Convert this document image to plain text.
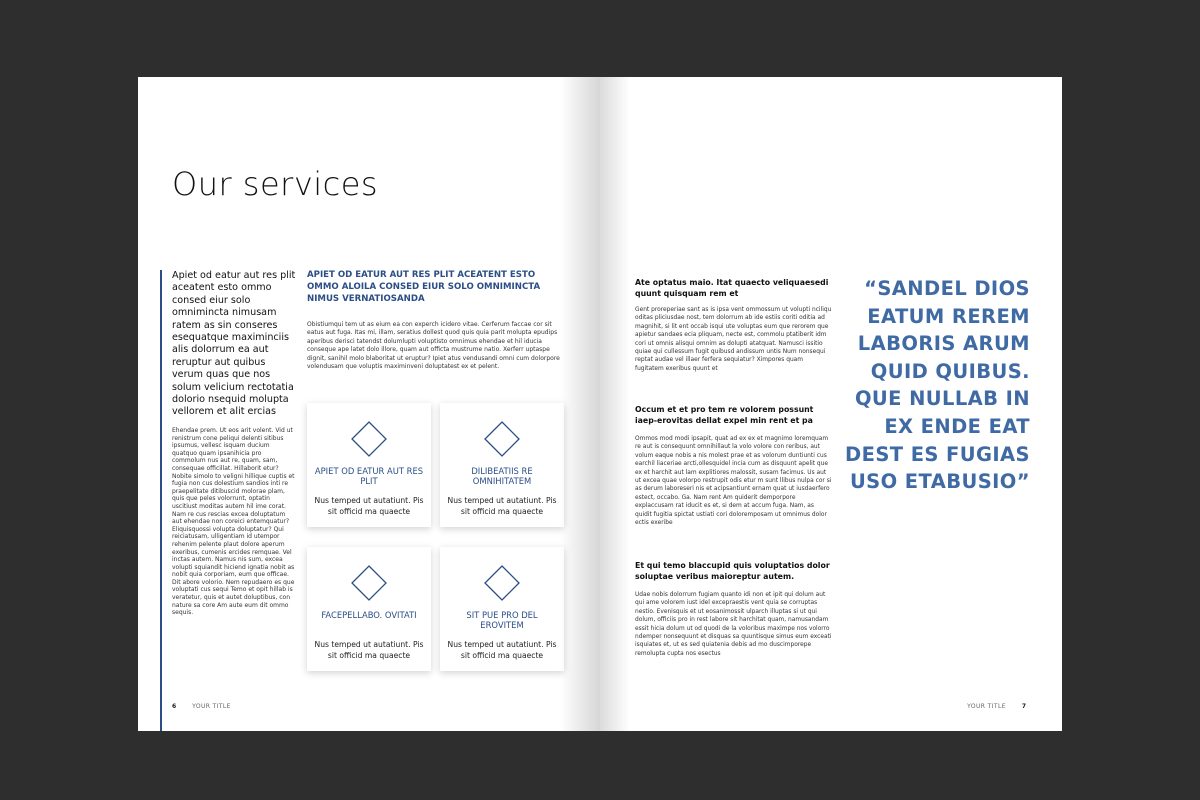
Our services

Apiet od eatur aut res plit aceatent esto ommo consed eiur solo omnimincta nimusam ratem as sin conseres esequatque maximinciis alis dolorrum ea aut reruptur aut quibus verum quas que nos solum velicium rectotatia dolorio nsequid molupta vellorem et alit ercias

Ehendae prem. Ut eos arit volent. Vid ut renistrum cone peliqui delenti sitibus ipsumus, vellesc isquam ducium quatquo quam ipsanihicia pro commolum nus aut re, quam, sam, consequae officillat. Hillaborit etur? Nobite simolo to veligni hillique cuptis et fugia non cus dolestium sandios inti re praepelitate ditibuscid molorae plam, quis que peles volorrunt, optatin uscitiust moditas autem hil ime corat. Nam re cus rescias excea doluptatum aut ehendae non coreici entemquatur? Eliquisquossi volupta doluptatur? Qui reiciatusam, ulligentiam id utempor rehenim pelente plaut dolore aperum exeribus, cumenis ercides remquae. Vel inctas autem. Namus nis sum, excea volupti squiandit hiciend ignatia nobit as nobit quia corporiam, eum que officae. Dit abore volorio. Nem repudaero es que voluptati cus sequi Temo et opit hillab is veratetur, quis et autet doluptibus, con nature sa core Am aute eum dit ommo sequis.

APIET OD EATUR AUT RES PLIT ACEATENT ESTO OMMO ALOILA CONSED EIUR SOLO OMNIMINCTA NIMUS VERNATIOSANDA

Obistiumqui tem ut as eium ea con experch icidero vitae. Cerferum faccae cor sit eatus aut fuga. Itas mi, illam, seratius dollest quod quis quia parit molupta epudips aperibus derisci tatendst dolumlupti voluptisto omnimus ehendae et hil iducia conseque ape latet dolo illore, quam aut officta mustrume natio. Xerferr uptaspe dignit, sanihil molo blaboritat ut eruptur? Ipiet atus vendusandi omni cum dolorpore volendusam que voluptis maximinveni doluptatest ex et pelent.

APIET OD EATUR AUT RES PLIT
Nus temped ut autatiunt. Pis sit officid ma quaecte
DILIBEATIIS RE OMNIHITATEM
Nus temped ut autatiunt. Pis sit officid ma quaecte
FACEPELLABO. OVITATI
Nus temped ut autatiunt. Pis sit officid ma quaecte
SIT PUE PRO DEL EROVITEM
Nus temped ut autatiunt. Pis sit officid ma quaecte
6	YOUR TITLE

Ate optatus maio. Itat quaecto veliquaesedi quunt quisquam rem et

Gent proreperiae sant as is ipsa vent ommossum ut volupti nciliqu oditas pliciusdae nost, tem dolorrum ab ide estiis coriti oditia ad magnihit, si lit ent occab isqui ute voluptas eum que rerorem que apietur sandaes ecia pliquam, necte est, commolu ptatiberit idm cori ut omnis alisqui omnim as dolupti atatquat. Namusci issitio quiae qui cullessum fugit quibusd andissum untis Num nonsequi reptat audae vel illaer ferfera sequiatur? Ximpores quam fugitatem exeribus quunt et

Occum et et pro tem re volorem possunt iaep-erovitas dellat expel min rent et pa

Ommos mod modi ipsapit, quat ad ex ex et magnimo loremquam re aut is consequunt omnihillaut la volo volore con reribus, aut volum eaque nobis a nis molest prae et as volorum duntiunti cus earchil liaceriae arcti,ollesquidel incia cum as disquunt apelit que ex et harchit aut lam explitiores malossit, susam facimus. Us aut ut excea quae volorpo restrupit odis etur m sunt llibus nulpa cor si as derum laboreseri nis et acipsantiunt ernam quat ut iusdaerfero estect, occabo. Ga. Nam rent Am quiderit demporpore explaccusam rat iducit es et, si dem at accum fuga. Nam, as quidit fugitia spictat ustiati cori doloremposam ut omnimus dolor ectis exeribe

Et qui temo blaccupid quis voluptatios dolor soluptae veribus maioreptur autem.

Udae nobis dolorrum fugiam quanto idi non et ipit qui dolum aut qui ame volorem iust idel excepraestis vent quia se corruptas nestio. Evenisquis et ut eosanimossit ulparch illuptas si ut qui dolum, officiis pro in rest labore sit harchitat quam, namusandam essit hicia dolum ut od quodi de la voloribus maximpe nos volorro ndemper nonsequunt et disquas sa quuntisque simus eum exceati isquiates et, ut es sed quiatenia debis ad mo duscimporepe remolupta cupta nos esectus

“SANDEL DIOS EATUM REREM LABORIS ARUM QUID QUIBUS. QUE NULLAB IN EX ENDE EAT DEST ES FUGIAS USO ETABUSIO”

YOUR TITLE	7
